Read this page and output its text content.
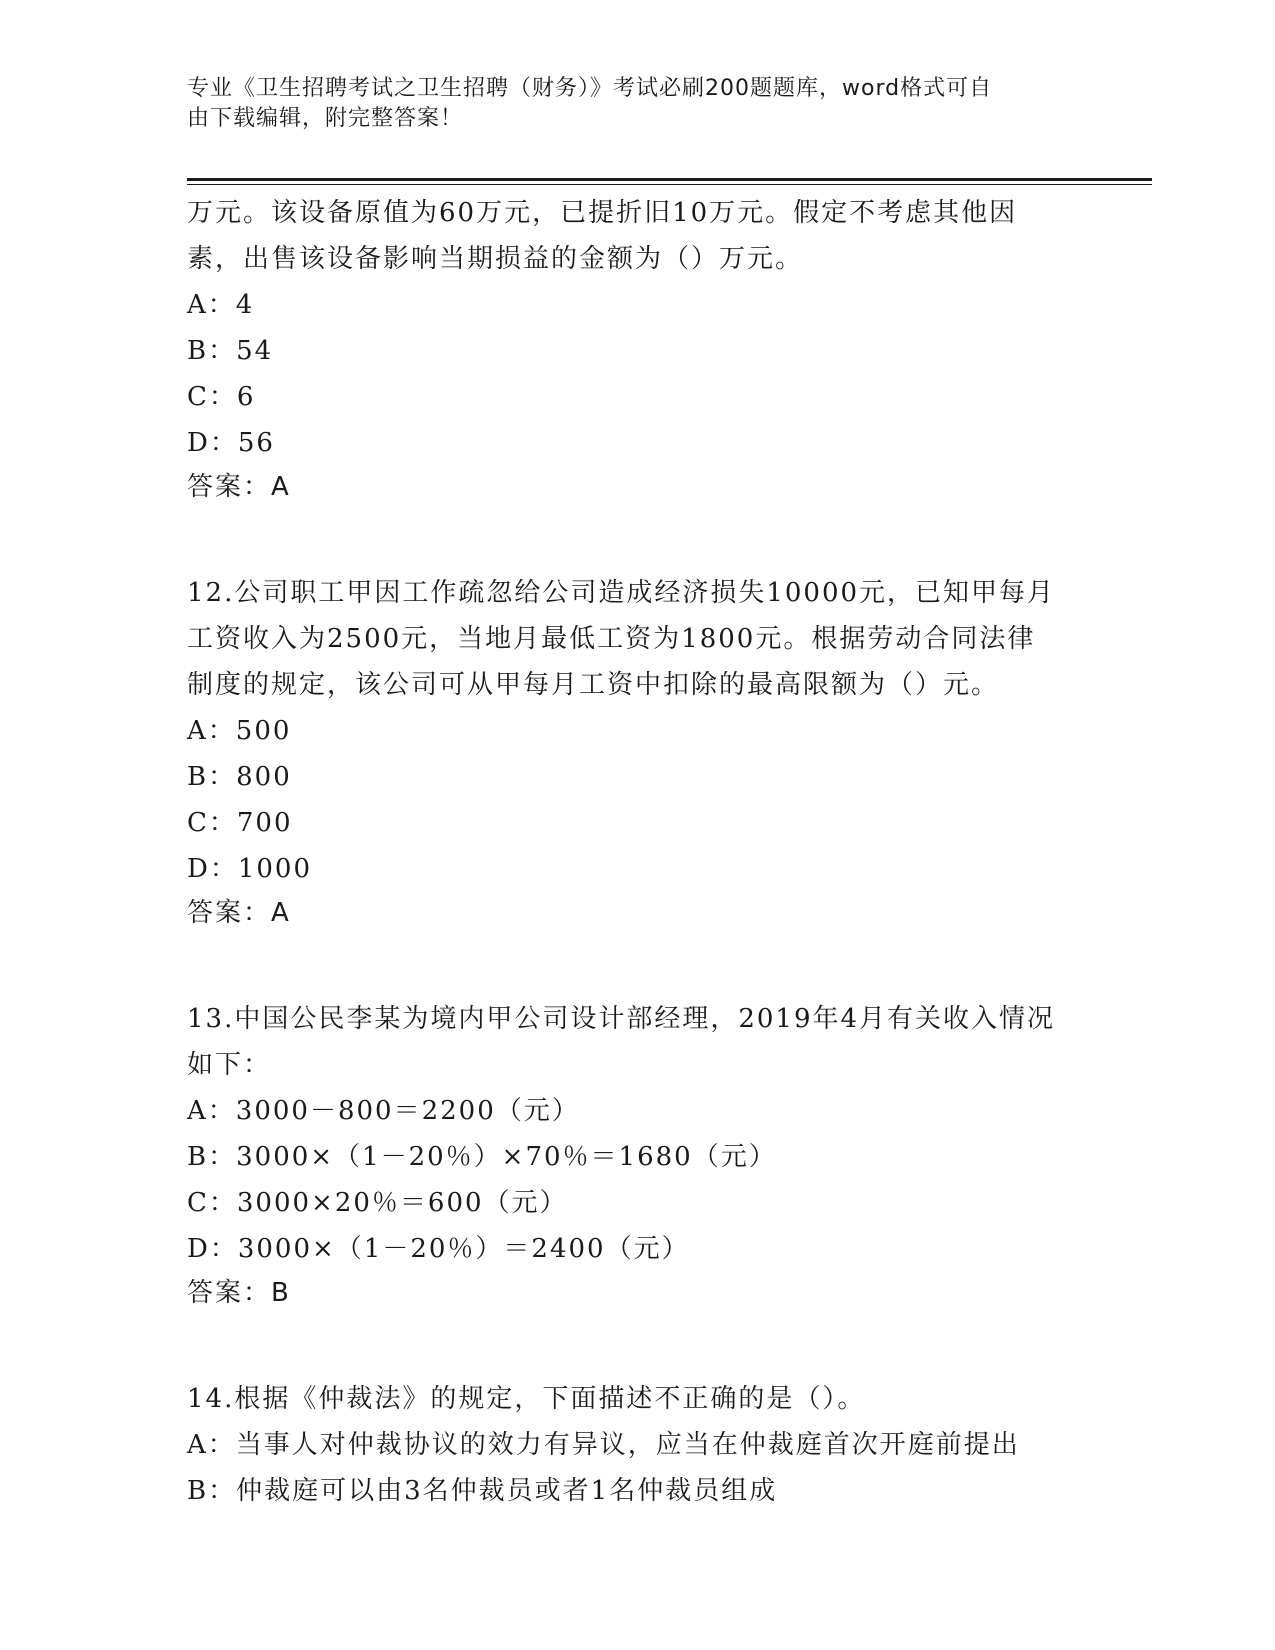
专业《卫生招聘考试之卫生招聘（财务）》考试必刷200题题库，word格式可自
由下载编辑，附完整答案！

万元。该设备原值为60万元，已提折旧10万元。假定不考虑其他因

素，出售该设备影响当期损益的金额为（）万元。

A：4

B：54

C：6

D：56

答案：A

12.公司职工甲因工作疏忽给公司造成经济损失10000元，已知甲每月

工资收入为2500元，当地月最低工资为1800元。根据劳动合同法律

制度的规定，该公司可从甲每月工资中扣除的最高限额为（）元。

A：500

B：800

C：700

D：1000

答案：A

13.中国公民李某为境内甲公司设计部经理，2019年4月有关收入情况

如下：

A：3000－800＝2200（元）

B：3000×（1－20％）×70％＝1680（元）

C：3000×20％＝600（元）

D：3000×（1－20％）＝2400（元）

答案：B

14.根据《仲裁法》的规定，下面描述不正确的是（）。

A：当事人对仲裁协议的效力有异议，应当在仲裁庭首次开庭前提出

B：仲裁庭可以由3名仲裁员或者1名仲裁员组成
